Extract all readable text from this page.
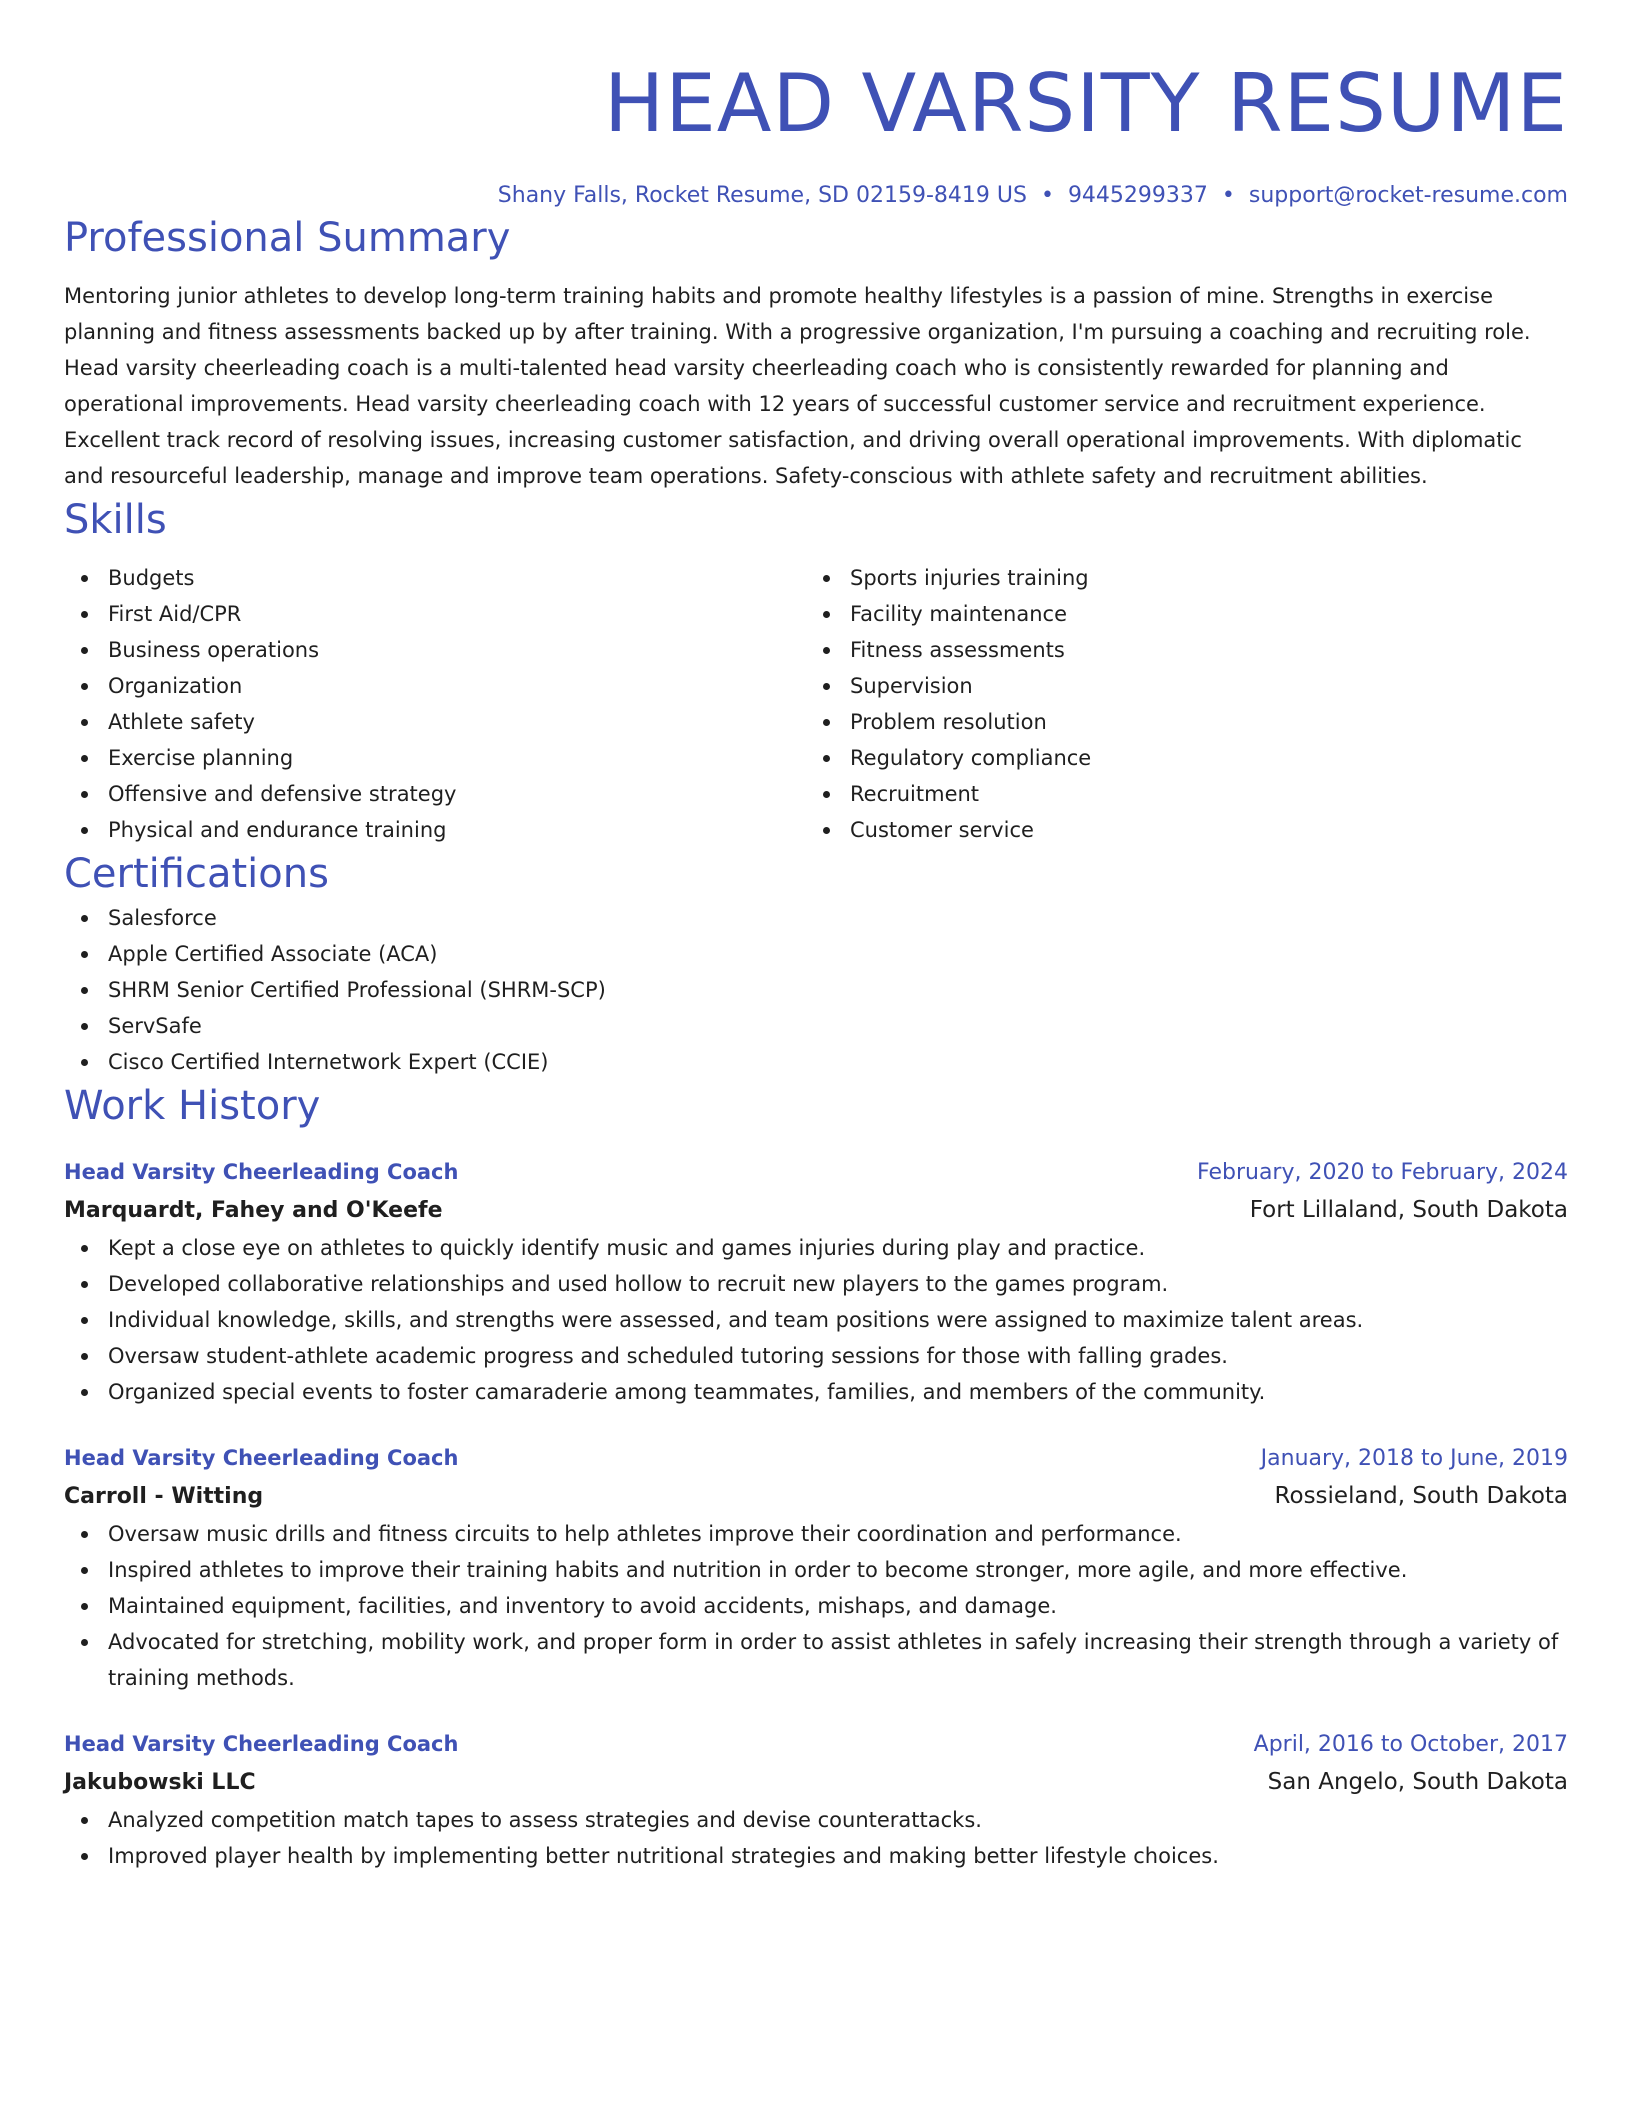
HEAD VARSITY RESUME
Shany Falls, Rocket Resume, SD 02159-8419 US • 9445299337 • support@rocket-resume.com
Professional Summary
Mentoring junior athletes to develop long-term training habits and promote healthy lifestyles is a passion of mine. Strengths in exercise planning and fitness assessments backed up by after training. With a progressive organization, I'm pursuing a coaching and recruiting role. Head varsity cheerleading coach is a multi-talented head varsity cheerleading coach who is consistently rewarded for planning and operational improvements. Head varsity cheerleading coach with 12 years of successful customer service and recruitment experience. Excellent track record of resolving issues, increasing customer satisfaction, and driving overall operational improvements. With diplomatic and resourceful leadership, manage and improve team operations. Safety-conscious with athlete safety and recruitment abilities.
Skills
Budgets
First Aid/CPR
Business operations
Organization
Athlete safety
Exercise planning
Offensive and defensive strategy
Physical and endurance training
Sports injuries training
Facility maintenance
Fitness assessments
Supervision
Problem resolution
Regulatory compliance
Recruitment
Customer service
Certifications
Salesforce
Apple Certified Associate (ACA)
SHRM Senior Certified Professional (SHRM-SCP)
ServSafe
Cisco Certified Internetwork Expert (CCIE)
Work History
Head Varsity Cheerleading Coach	February, 2020 to February, 2024
Marquardt, Fahey and O'Keefe	Fort Lillaland, South Dakota
Kept a close eye on athletes to quickly identify music and games injuries during play and practice.
Developed collaborative relationships and used hollow to recruit new players to the games program.
Individual knowledge, skills, and strengths were assessed, and team positions were assigned to maximize talent areas.
Oversaw student-athlete academic progress and scheduled tutoring sessions for those with falling grades.
Organized special events to foster camaraderie among teammates, families, and members of the community.
Head Varsity Cheerleading Coach	January, 2018 to June, 2019
Carroll - Witting	Rossieland, South Dakota
Oversaw music drills and fitness circuits to help athletes improve their coordination and performance.
Inspired athletes to improve their training habits and nutrition in order to become stronger, more agile, and more effective.
Maintained equipment, facilities, and inventory to avoid accidents, mishaps, and damage.
Advocated for stretching, mobility work, and proper form in order to assist athletes in safely increasing their strength through a variety of training methods.
Head Varsity Cheerleading Coach	April, 2016 to October, 2017
Jakubowski LLC	San Angelo, South Dakota
Analyzed competition match tapes to assess strategies and devise counterattacks.
Improved player health by implementing better nutritional strategies and making better lifestyle choices.
